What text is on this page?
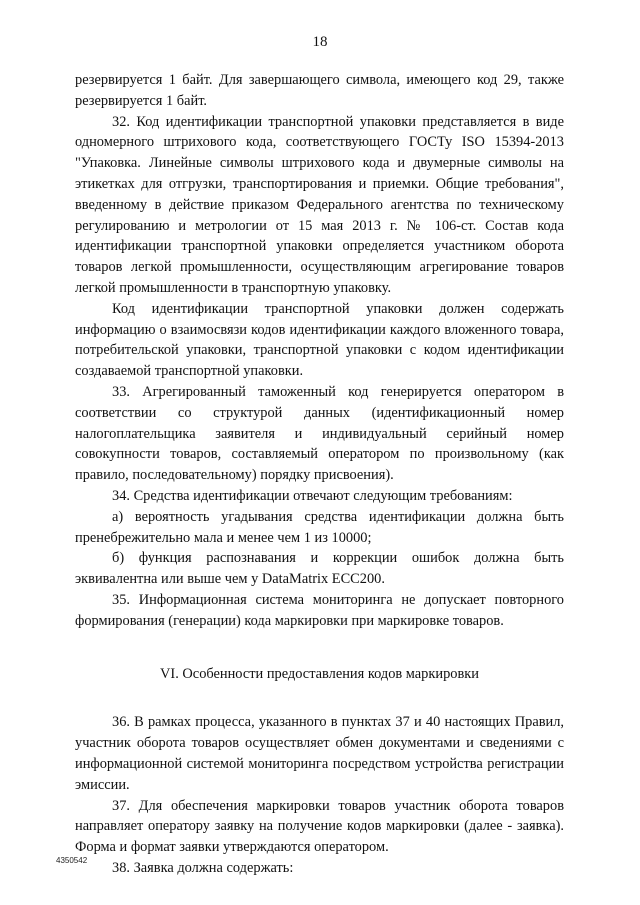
18

резервируется 1 байт. Для завершающего символа, имеющего код 29, также резервируется 1 байт.

32. Код идентификации транспортной упаковки представляется в виде одномерного штрихового кода, соответствующего ГОСТу ISO 15394-2013 "Упаковка. Линейные символы штрихового кода и двумерные символы на этикетках для отгрузки, транспортирования и приемки. Общие требования", введенному в действие приказом Федерального агентства по техническому регулированию и метрологии от 15 мая 2013 г. № 106-ст. Состав кода идентификации транспортной упаковки определяется участником оборота товаров легкой промышленности, осуществляющим агрегирование товаров легкой промышленности в транспортную упаковку.

Код идентификации транспортной упаковки должен содержать информацию о взаимосвязи кодов идентификации каждого вложенного товара, потребительской упаковки, транспортной упаковки с кодом идентификации создаваемой транспортной упаковки.

33. Агрегированный таможенный код генерируется оператором в соответствии со структурой данных (идентификационный номер налогоплательщика заявителя и индивидуальный серийный номер совокупности товаров, составляемый оператором по произвольному (как правило, последовательному) порядку присвоения).

34. Средства идентификации отвечают следующим требованиям:

а) вероятность угадывания средства идентификации должна быть пренебрежительно мала и менее чем 1 из 10000;

б) функция распознавания и коррекции ошибок должна быть эквивалентна или выше чем у DataMatrix ECC200.

35. Информационная система мониторинга не допускает повторного формирования (генерации) кода маркировки при маркировке товаров.

VI. Особенности предоставления кодов маркировки

36. В рамках процесса, указанного в пунктах 37 и 40 настоящих Правил, участник оборота товаров осуществляет обмен документами и сведениями с информационной системой мониторинга посредством устройства регистрации эмиссии.

37. Для обеспечения маркировки товаров участник оборота товаров направляет оператору заявку на получение кодов маркировки (далее - заявка). Форма и формат заявки утверждаются оператором.

38. Заявка должна содержать:

4350542
